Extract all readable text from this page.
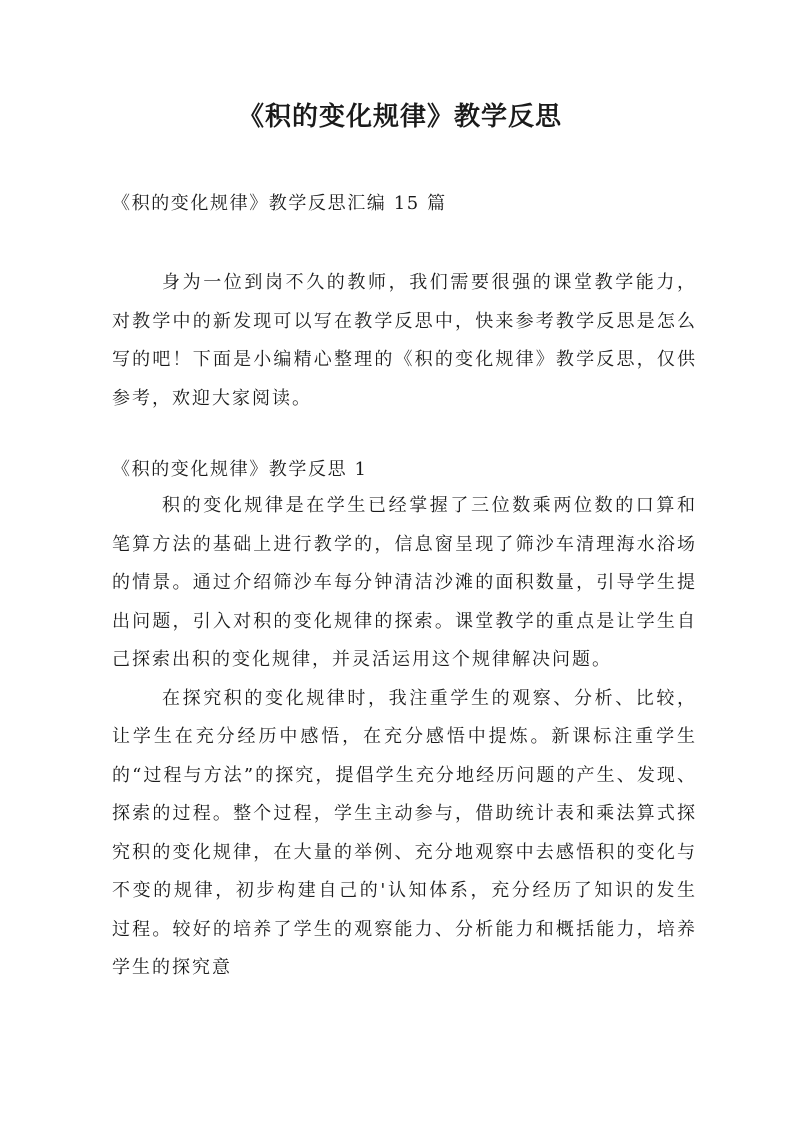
《积的变化规律》教学反思
《积的变化规律》教学反思汇编 15 篇

身为一位到岗不久的教师，我们需要很强的课堂教学能力，对教学中的新发现可以写在教学反思中，快来参考教学反思是怎么写的吧！下面是小编精心整理的《积的变化规律》教学反思，仅供参考，欢迎大家阅读。

《积的变化规律》教学反思 1

积的变化规律是在学生已经掌握了三位数乘两位数的口算和笔算方法的基础上进行教学的，信息窗呈现了筛沙车清理海水浴场的情景。通过介绍筛沙车每分钟清洁沙滩的面积数量，引导学生提出问题，引入对积的变化规律的探索。课堂教学的重点是让学生自己探索出积的变化规律，并灵活运用这个规律解决问题。

在探究积的变化规律时，我注重学生的观察、分析、比较，让学生在充分经历中感悟，在充分感悟中提炼。新课标注重学生的“过程与方法”的探究，提倡学生充分地经历问题的产生、发现、探索的过程。整个过程，学生主动参与，借助统计表和乘法算式探究积的变化规律，在大量的举例、充分地观察中去感悟积的变化与不变的规律，初步构建自己的'认知体系，充分经历了知识的发生过程。较好的培养了学生的观察能力、分析能力和概括能力，培养学生的探究意
